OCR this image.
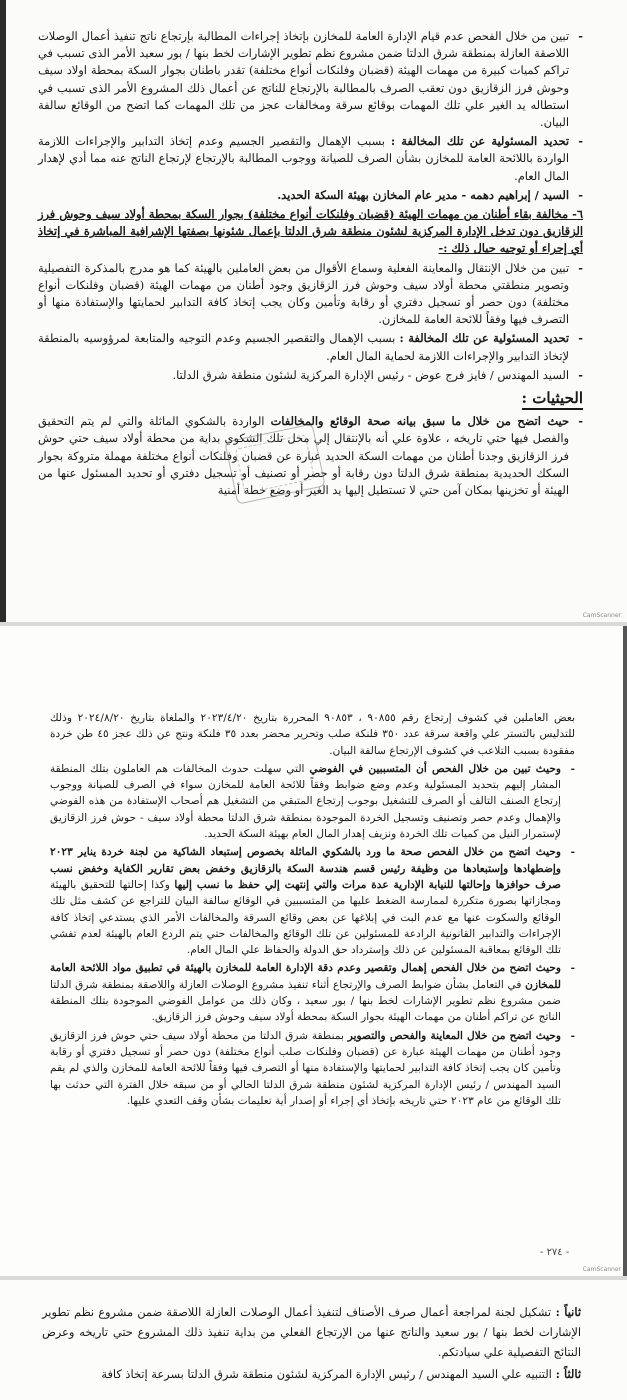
- تبين من خلال الفحص عدم قيام الإدارة العامة للمخازن بإتخاذ إجراءات المطالبة بإرتجاع ناتج تنفيذ أعمال الوصلات اللاصقة العازلة بمنطقة شرق الدلتا ضمن مشروع نظم تطوير الإشارات لخط بنها / بور سعيد الأمر الذى تسبب في تراكم كميات كبيرة من مهمات الهيئة (قضبان وفلنكات أنواع مختلفة) تقدر باطنان بجوار السكة بمحطة اولاد سيف وحوش فرز الزقازيق دون تعقب الصرف بالمطالبة بالإرتجاع للناتج عن أعمال ذلك المشروع الأمر الذى تسبب في استطاله يد الغير علي تلك المهمات بوقائع سرقة ومخالفات عجز من تلك المهمات كما اتضح من الوقائع سالفة البيان.

- تحديد المسئولية عن تلك المخالفة : بسبب الإهمال والتقصير الجسيم وعدم إتخاذ التدابير والإجراءات اللازمة الواردة باللائحة العامة للمخازن بشأن الصرف للصيانة ووجوب المطالبة بالإرتجاع لإرتجاع الناتج عنه مما أدي لإهدار المال العام.

- السيد / إبراهيم دهمه - مدير عام المخازن بهيئة السكة الحديد.

٦- مخالفة بقاء أطنان من مهمات الهيئة (قضبان وفلنكات أنواع مختلفة) بجوار السكة بمحطة أولاد سيف وحوش فرز الزقازيق دون تدخل الإدارة المركزية لشئون منطقة شرق الدلتا بإعمال شئونها بصفتها الإشرافية المباشرة في إتخاذ أي إجراء أو توجيه حيال ذلك :-

- تبين من خلال الإنتقال والمعاينة الفعلية وسماع الأقوال من بعض العاملين بالهيئة كما هو مدرج بالمذكرة التفصيلية وتصوير منطقتي محطة أولاد سيف وحوش فرز الزقازيق وجود أطنان من مهمات الهيئة (قضبان وفلنكات أنواع مختلفة) دون حصر أو تسجيل دفتري أو رقابة وتأمين وكان يجب إتخاذ كافة التدابير لحمايتها والإستفادة منها أو التصرف فيها وفقاً للائحة العامة للمخازن.

- تحديد المسئولية عن تلك المخالفة : بسبب الإهمال والتقصير الجسيم وعدم التوجيه والمتابعة لمرؤوسيه بالمنطقة لإتخاذ التدابير والإجراءات اللازمة لحماية المال العام.

- السيد المهندس / فايز فرج عوض - رئيس الإدارة المركزية لشئون منطقة شرق الدلتا.

الحيثيات :

- حيث اتضح من خلال ما سبق بيانه صحة الوقائع والمخالفات الواردة بالشكوي الماثلة والتي لم يتم التحقيق والفصل فيها حتي تاريخه ، علاوة علي أنه بالإنتقال إلي محل تلك الشكوي بداية من محطة أولاد سيف حتي حوش فرز الزقازيق وجدنا أطنان من مهمات السكة الحديد عبارة عن قضبان وفلنكات أنواع مختلفة مهملة متروكة بجوار السكك الحديدية بمنطقة شرق الدلتا دون رقابة أو حصر أو تصنيف أو تسجيل دفتري أو تحديد المسئول عنها من الهيئة أو تخزينها بمكان آمن حتي لا تستطيل إليها يد الغير أو وضع خطة أمنية

CamScanner

بعض العاملين في كشوف إرتجاع رقم ٩٠٨٥٥ ، ٩٠٨٥٣ المحررة بتاريخ ٢٠٢٣/٤/٢٠ والملغاة بتاريخ ٢٠٢٤/٨/٢٠ وذلك للتدليس بالتستر علي واقعة سرقة عدد ٣٥٠ فلنكة صلب وتحرير محضر بعدد ٣٥ فلنكة ونتج عن ذلك عجز ٤٥ طن خردة مفقودة بسبب التلاعب في كشوف الإرتجاع سالفة البيان.

- وحيث تبين من خلال الفحص أن المتسببين في الفوضي التي سهلت حدوث المخالفات هم العاملون بتلك المنطقة المشار إليهم بتحديد المسئولية وعدم وضع ضوابط وفقاً للائحة العامة للمخازن سواء في الصرف للصيانة ووجوب إرتجاع الصنف التالف أو الصرف للتشغيل بوجوب إرتجاع المتبقي من التشغيل هم أصحاب الإستفادة من هذه الفوضي والإهمال وعدم حصر وتصنيف وتسجيل الخردة الموجودة بمنطقة شرق الدلتا محطة أولاد سيف - حوش فرز الزقازيق لإستمرار النيل من كميات تلك الخردة ونزيف إهدار المال العام بهيئة السكة الحديد.

- وحيث اتضح من خلال الفحص صحة ما ورد بالشكوي الماثلة بخصوص إستبعاد الشاكية من لجنة خردة يناير ٢٠٢٣ وإضطهادها وإستبعادها من وظيفة رئيس قسم هندسة السكة بالزقازيق وخفض بعض تقارير الكفاية وخفض نسب صرف حوافزها وإحالتها للنيابة الإدارية عدة مرات والتي إنتهت إلي حفظ ما نسب إليها وكذا إحالتها للتحقيق بالهيئة ومجازاتها بصورة متكررة لممارسة الضغط عليها من المتسببين في الوقائع سالفة البيان للتراجع عن كشف مثل تلك الوقائع والسكوت عنها مع عدم البت في إبلاغها عن بعض وقائع السرقة والمخالفات الأمر الذي يستدعي إتخاذ كافة الإجراءات والتدابير القانونية الرادعة للمسئولين عن تلك الوقائع والمخالفات حتي يتم الردع العام بالهيئة لعدم تفشي تلك الوقائع بمعاقبة المسئولين عن ذلك وإسترداد حق الدولة والحفاظ علي المال العام.

- وحيث اتضح من خلال الفحص إهمال وتقصير وعدم دقة الإدارة العامة للمخازن بالهيئة في تطبيق مواد اللائحة العامة للمخازن في التعامل بشأن ضوابط الصرف والإرتجاع أثناء تنفيذ مشروع الوصلات العازلة واللاصقة بمنطقة شرق الدلتا ضمن مشروع نظم تطوير الإشارات لخط بنها / بور سعيد ، وكان ذلك من عوامل الفوضي الموجودة بتلك المنطقة الناتج عن تراكم أطنان من مهمات الهيئة بجوار السكة بمحطة أولاد سيف وحوش فرز الزقازيق.

- وحيث اتضح من خلال المعاينة والفحص والتصوير بمنطقة شرق الدلتا من محطة أولاد سيف حتي حوش فرز الزقازيق وجود أطنان من مهمات الهيئة عبارة عن (قضبان وفلنكات صلب أنواع مختلفة) دون حصر أو تسجيل دفتري أو رقابة وتأمين كان يجب إتخاذ كافة التدابير لحمايتها والإستفادة منها أو التصرف فيها وفقاً للائحة العامة للمخازن والذي لم يقم السيد المهندس / رئيس الإدارة المركزية لشئون منطقة شرق الدلتا الحالي أو من سبقه خلال الفترة التي حدثت بها تلك الوقائع من عام ٢٠٢٣ حتي تاريخه بإتخاذ أي إجراء أو إصدار أية تعليمات بشأن وقف التعدي عليها.

- ٢٧٤ -
CamScanner

ثانياً : تشكيل لجنة لمراجعة أعمال صرف الأصناف لتنفيذ أعمال الوصلات العازلة اللاصقة ضمن مشروع نظم تطوير الإشارات لخط بنها / بور سعيد والناتج عنها من الإرتجاع الفعلي من بداية تنفيذ ذلك المشروع حتي تاريخه وعرض النتائج التفصيلية علي سيادتكم.

ثالثاً : التنبيه علي السيد المهندس / رئيس الإدارة المركزية لشئون منطقة شرق الدلتا بسرعة إتخاذ كافة
